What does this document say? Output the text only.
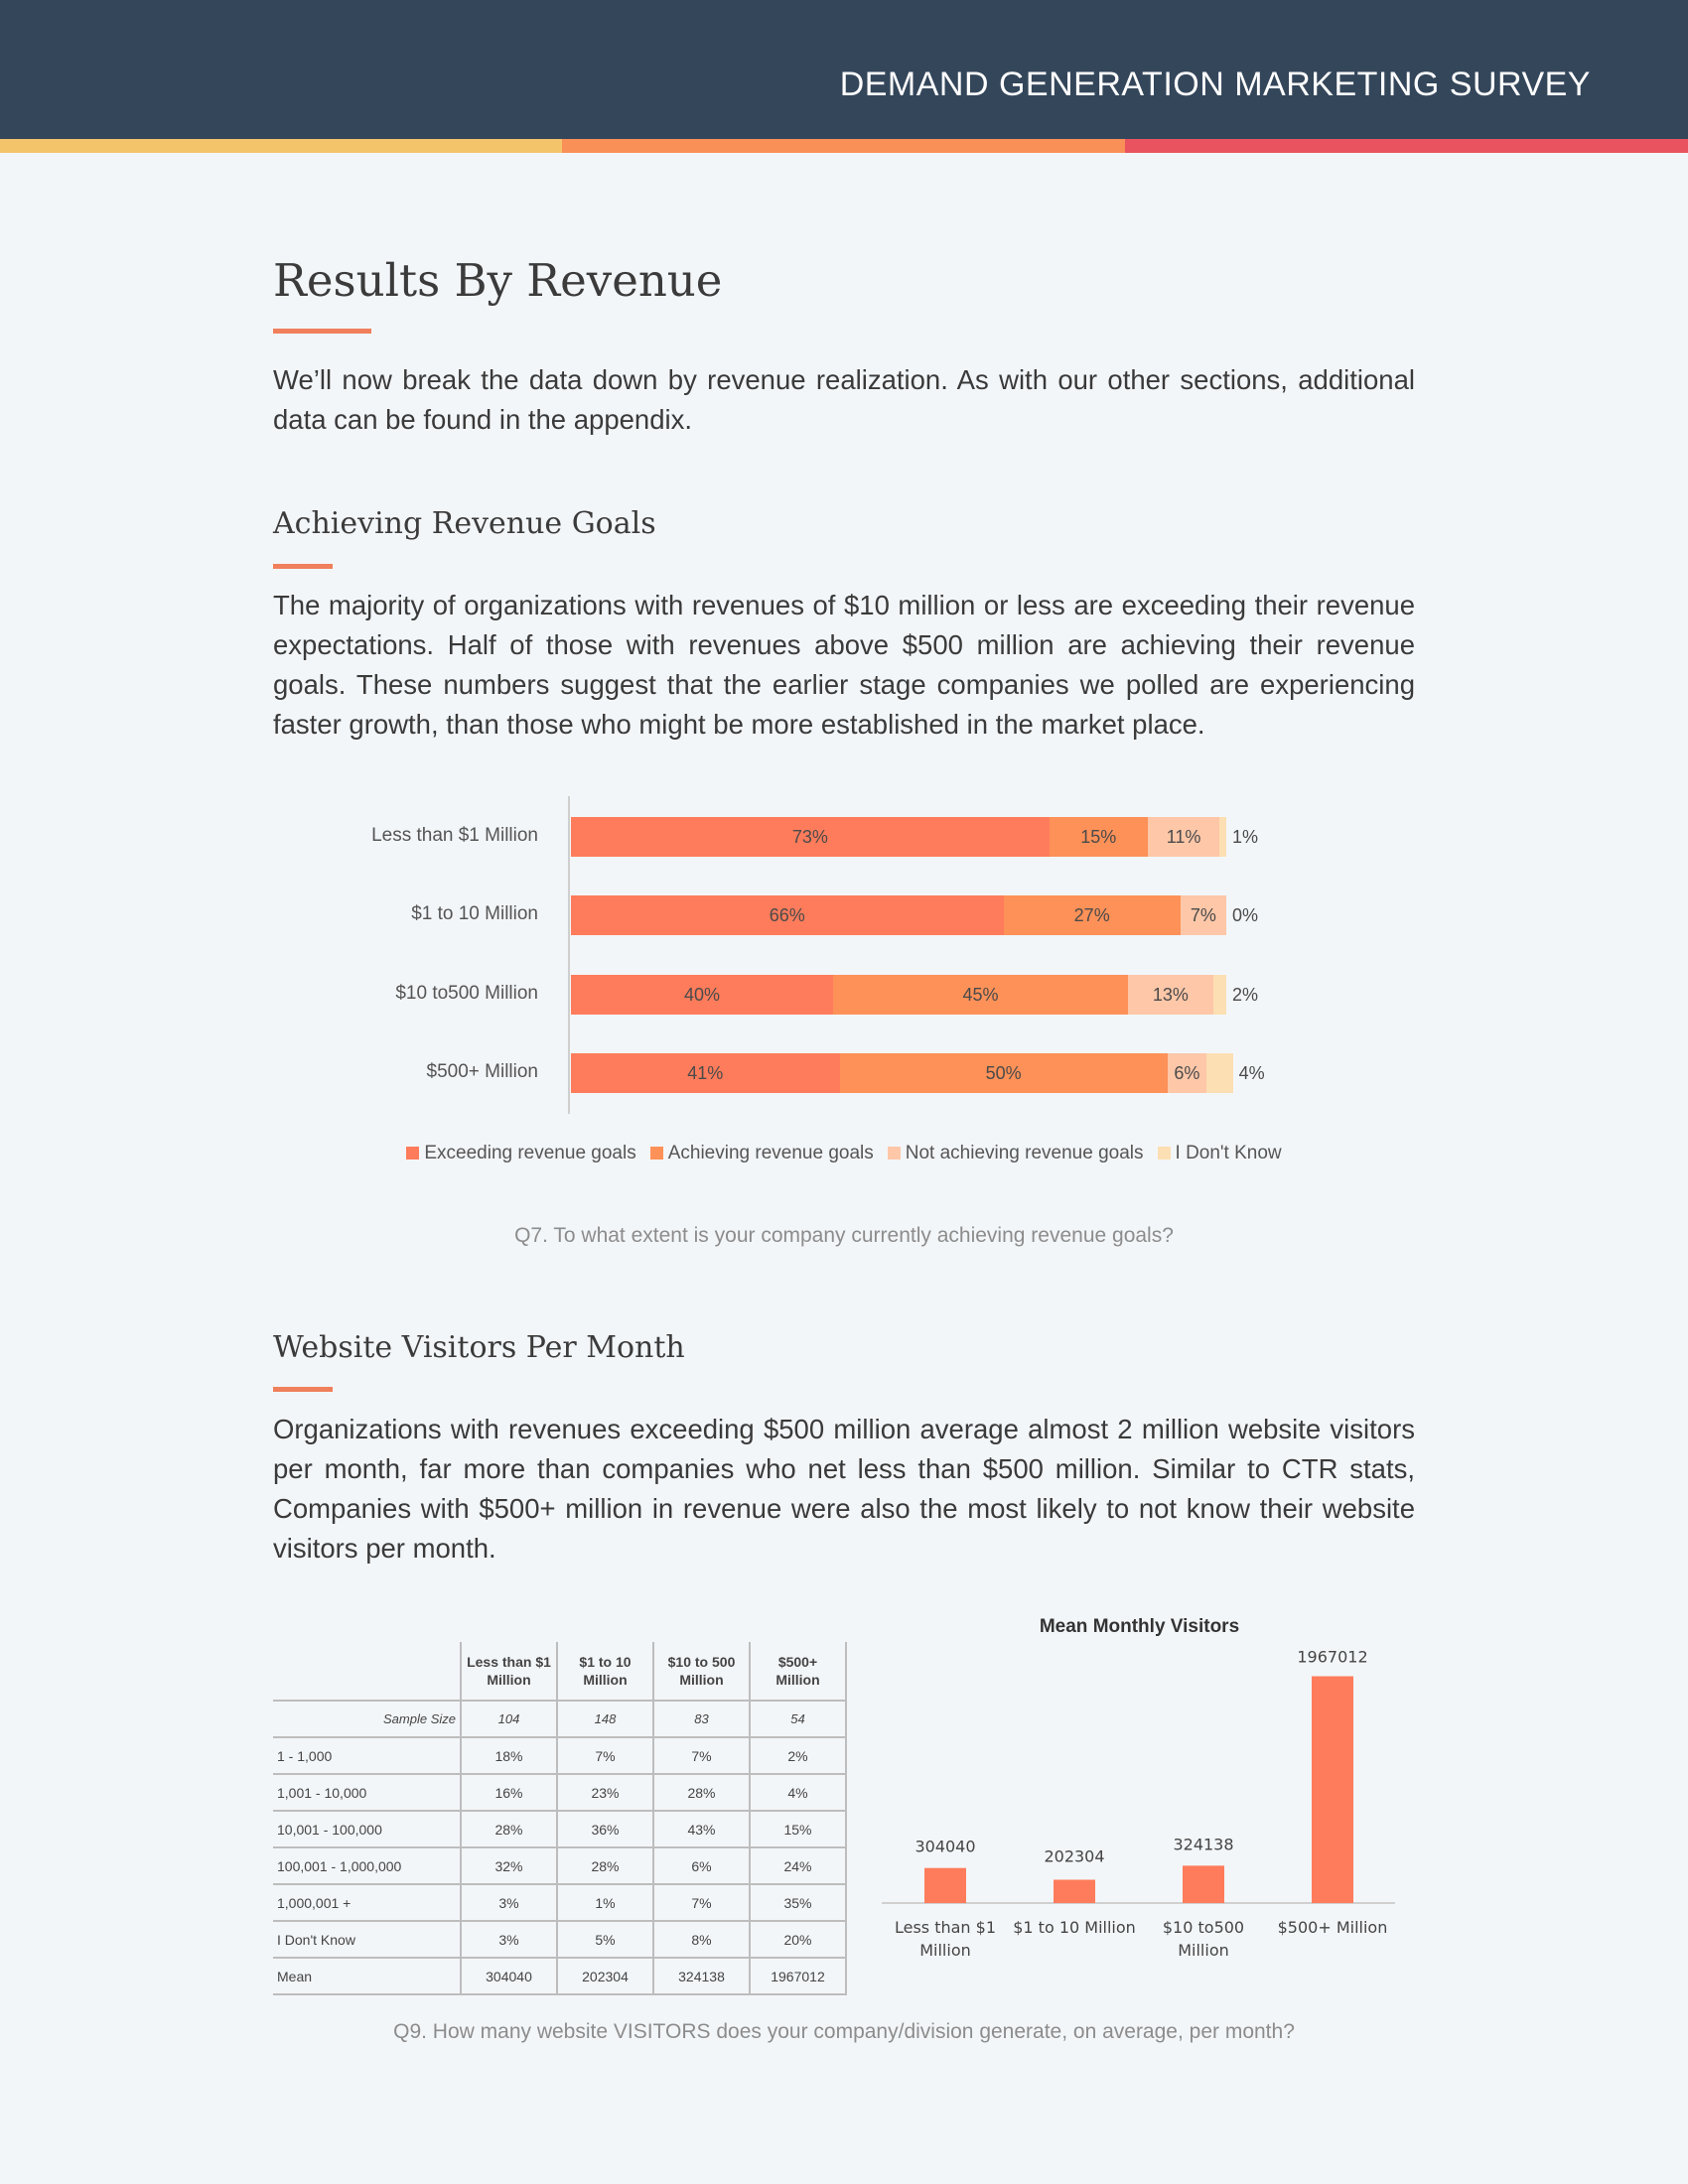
DEMAND GENERATION MARKETING SURVEY
Results By Revenue

We’ll now break the data down by revenue realization. As with our other sections, additional data can be found in the appendix.

Achieving Revenue Goals

The majority of organizations with revenues of $10 million or less are exceeding their revenue expectations. Half of those with revenues above $500 million are achieving their revenue goals. These numbers suggest that the earlier stage companies we polled are experiencing faster growth, than those who might be more established in the market place.

Less than $1 Million	73%	15%	11%	1%
$1 to 10 Million	66%	27%	7% 0%
$10 to500 Million	40%	45%	13%	2%
$500+ Million	41%	50%	6%	4%
Exceeding revenue goals Achieving revenue goals Not achieving revenue goals I Don't Know

Q7. To what extent is your company currently achieving revenue goals?

Website Visitors Per Month

Organizations with revenues exceeding $500 million average almost 2 million website visitors per month, far more than companies who net less than $500 million. Similar to CTR stats, Companies with $500+ million in revenue were also the most likely to not know their website visitors per month.

	Less than $1 Million	$1 to 10 Million	$10 to 500 Million	$500+ Million
Sample Size	104	148	83	54
1 - 1,000	18%	7%	7%	2%
1,001 - 10,000	16%	23%	28%	4%
10,001 - 100,000	28%	36%	43%	15%
100,001 - 1,000,000	32%	28%	6%	24%
1,000,001 +	3%	1%	7%	35%
I Don't Know	3%	5%	8%	20%
Mean	304040	202304	324138	1967012
Mean Monthly Visitors
304040
Less than $1 Million
202304
$1 to 10 Million
324138
$10 to500 Million
1967012
$500+ Million

Q9. How many website VISITORS does your company/division generate, on average, per month?
